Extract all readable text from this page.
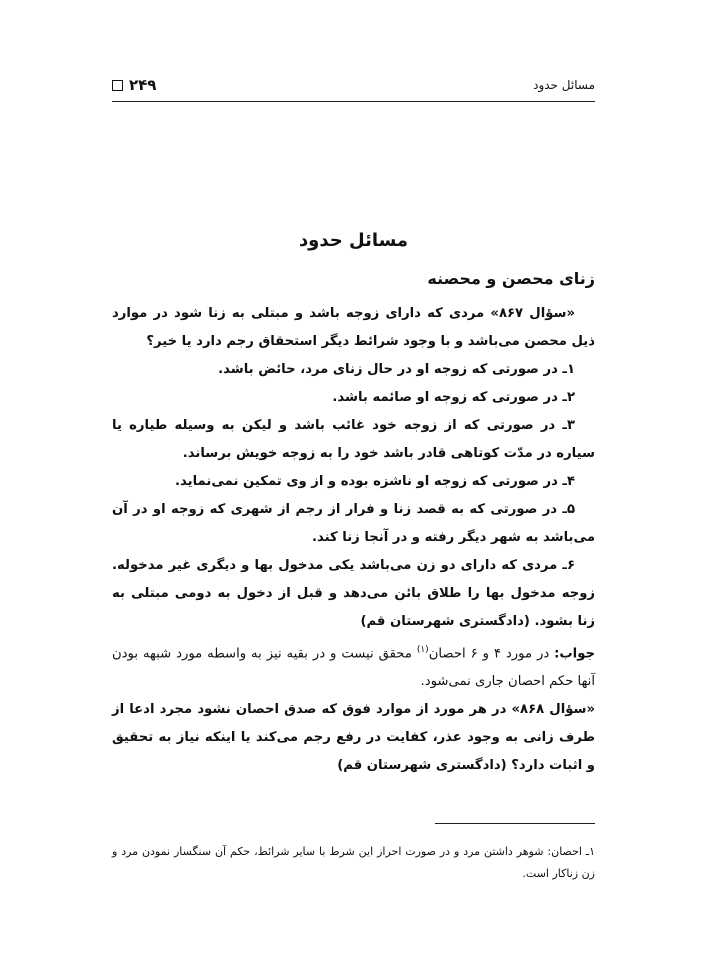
مسائل حدود
۲۴۹
مسائل حدود
زنای محصن و محصنه

«سؤال ۸۶۷» مردی که دارای زوجه باشد و مبتلی به زنا شود در موارد ذیل محصن می‌باشد و با وجود شرائط دیگر استحقاق رجم دارد یا خیر؟

۱ـ در صورتی که زوجه او در حال زنای مرد، حائض باشد.

۲ـ در صورتی که زوجه او صائمه باشد.

۳ـ در صورتی که از زوجه خود غائب باشد و لیکن به وسیله طیاره یا سیاره در مدّت کوتاهی قادر باشد خود را به زوجه خویش برساند.

۴ـ در صورتی که زوجه او ناشزه بوده و از وی تمکین نمی‌نماید.

۵ـ در صورتی که به قصد زنا و فرار از رجم از شهری که زوجه او در آن می‌باشد به شهر دیگر رفته و در آنجا زنا کند.

۶ـ مردی که دارای دو زن می‌باشد یکی مدخول بها و دیگری غیر مدخوله. زوجه مدخول بها را طلاق بائن می‌دهد و قبل از دخول به دومی مبتلی به زنا بشود. (دادگستری شهرستان قم)

جواب: در مورد ۴ و ۶ احصان$^{(۱)}$ محقق نیست و در بقیه نیز به واسطه مورد شبهه بودن آنها حکم احصان جاری نمی‌شود.

«سؤال ۸۶۸» در هر مورد از موارد فوق که صدق احصان نشود مجرد ادعا از طرف زانی به وجود عذر، کفایت در رفع رجم می‌کند یا اینکه نیاز به تحقیق و اثبات دارد؟ (دادگستری شهرستان قم)

۱ـ احصان: شوهر داشتن مرد و در صورت احراز این شرط با سایر شرائط، حکم آن سنگسار نمودن مرد و زن زناکار است.
